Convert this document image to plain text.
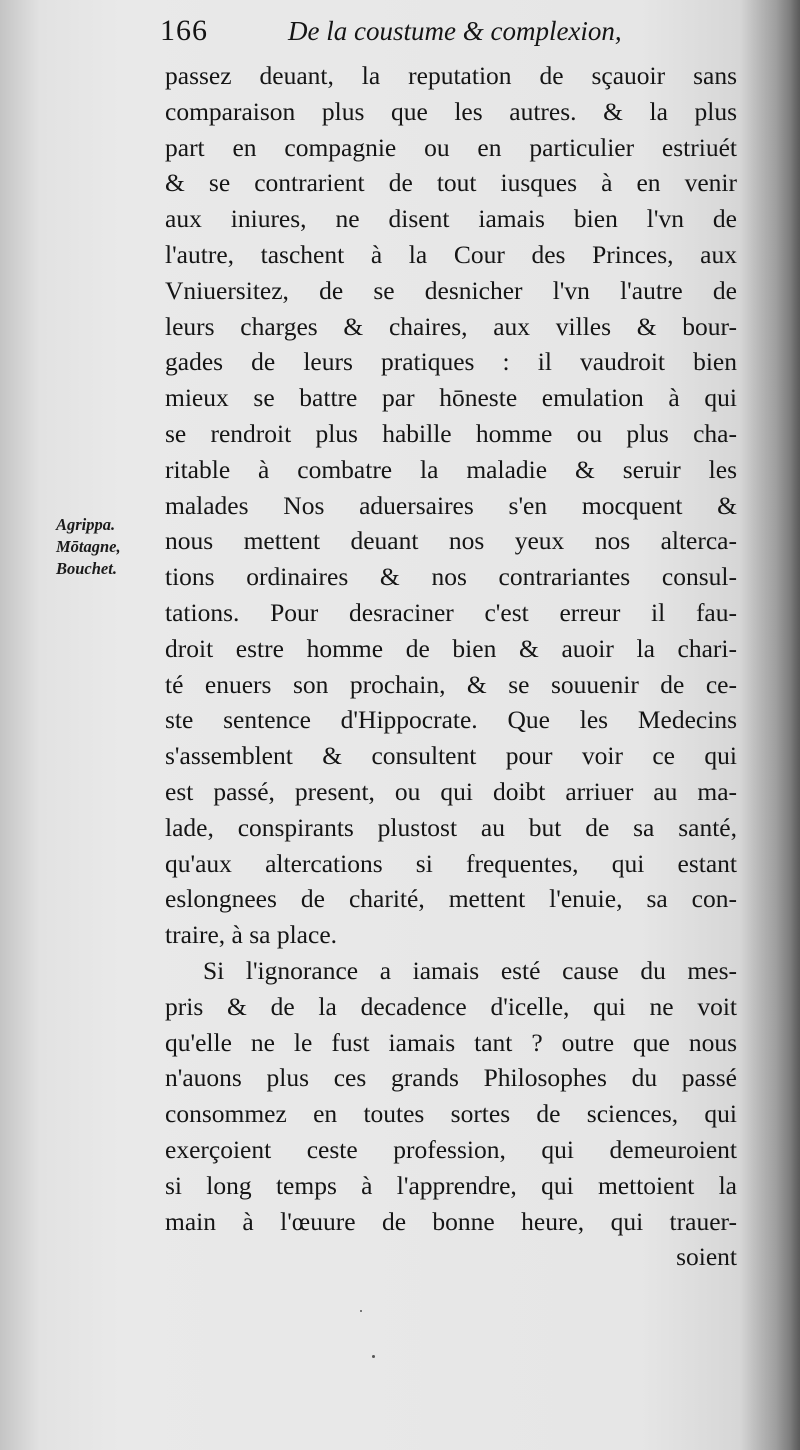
166	De la coustume & complexion,
Agrippa.
Mōtagne,
Bouchet.
passez deuant, la reputation de sçauoir sans
comparaison plus que les autres. & la plus
part en compagnie ou en particulier estriuét
& se contrarient de tout iusques à en venir
aux iniures, ne disent iamais bien l'vn de
l'autre, taschent à la Cour des Princes, aux
Vniuersitez, de se desnicher l'vn l'autre de
leurs charges & chaires, aux villes & bour-
gades de leurs pratiques : il vaudroit bien
mieux se battre par hōneste emulation à qui
se rendroit plus habille homme ou plus cha-
ritable à combatre la maladie & seruir les
malades Nos aduersaires s'en mocquent &
nous mettent deuant nos yeux nos alterca-
tions ordinaires & nos contrariantes consul-
tations. Pour desraciner c'est erreur il fau-
droit estre homme de bien & auoir la chari-
té enuers son prochain, & se souuenir de ce-
ste sentence d'Hippocrate. Que les Medecins
s'assemblent & consultent pour voir ce qui
est passé, present, ou qui doibt arriuer au ma-
lade, conspirants plustost au but de sa santé,
qu'aux altercations si frequentes, qui estant
eslongnees de charité, mettent l'enuie, sa con-
traire, à sa place.
Si l'ignorance a iamais esté cause du mes-
pris & de la decadence d'icelle, qui ne voit
qu'elle ne le fust iamais tant ? outre que nous
n'auons plus ces grands Philosophes du passé
consommez en toutes sortes de sciences, qui
exerçoient ceste profession, qui demeuroient
si long temps à l'apprendre, qui mettoient la
main à l'œuure de bonne heure, qui trauer-
soient
